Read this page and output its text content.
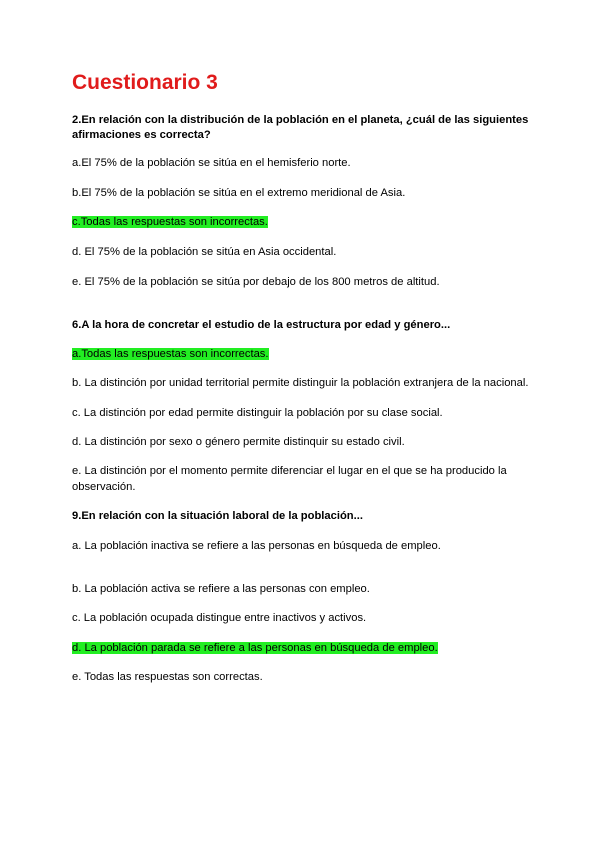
Cuestionario 3

2.En relación con la distribución de la población en el planeta, ¿cuál de las siguientes afirmaciones es correcta?

a.El 75% de la población se sitúa en el hemisferio norte.

b.El 75% de la población se sitúa en el extremo meridional de Asia.

c.Todas las respuestas son incorrectas.

d. El 75% de la población se sitúa en Asia occidental.

e. El 75% de la población se sitúa por debajo de los 800 metros de altitud.

6.A la hora de concretar el estudio de la estructura por edad y género...

a.Todas las respuestas son incorrectas.

b. La distinción por unidad territorial permite distinguir la población extranjera de la nacional.

c. La distinción por edad permite distinguir la población por su clase social.

d. La distinción por sexo o género permite distinquir su estado civil.

e. La distinción por el momento permite diferenciar el lugar en el que se ha producido la observación.

9.En relación con la situación laboral de la población...

a. La población inactiva se refiere a las personas en búsqueda de empleo.

b. La población activa se refiere a las personas con empleo.

c. La población ocupada distingue entre inactivos y activos.

d. La población parada se refiere a las personas en búsqueda de empleo.

e. Todas las respuestas son correctas.
